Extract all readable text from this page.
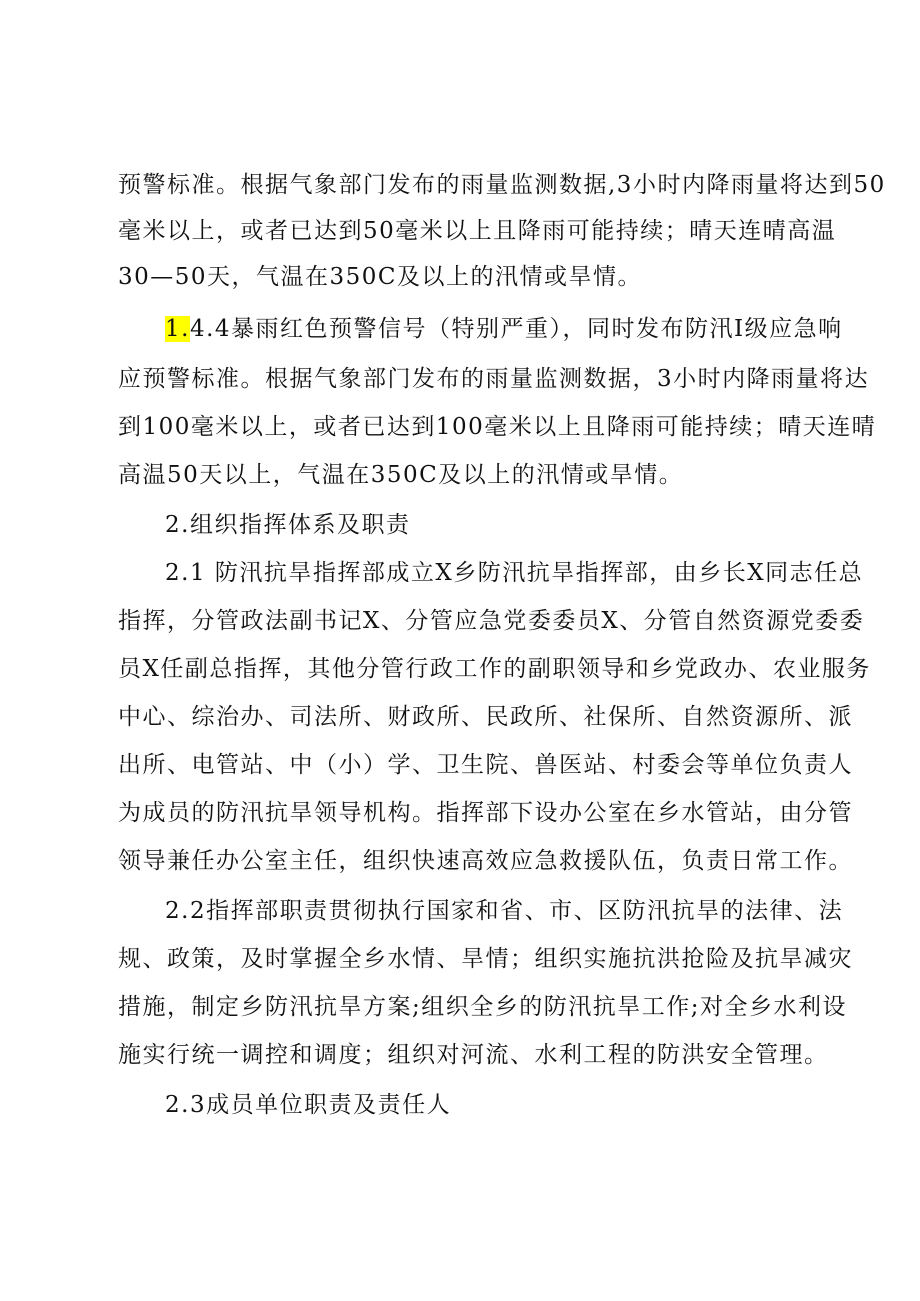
预警标准。根据气象部门发布的雨量监测数据,3小时内降雨量将达到50
毫米以上，或者已达到50毫米以上且降雨可能持续；晴天连晴高温
30—50天，气温在350C及以上的汛情或旱情。
1.4.4暴雨红色预警信号（特别严重），同时发布防汛I级应急响
应预警标准。根据气象部门发布的雨量监测数据，3小时内降雨量将达
到100毫米以上，或者已达到100毫米以上且降雨可能持续；晴天连晴
高温50天以上，气温在350C及以上的汛情或旱情。
2.组织指挥体系及职责
2.1 防汛抗旱指挥部成立X乡防汛抗旱指挥部，由乡长X同志任总
指挥，分管政法副书记X、分管应急党委委员X、分管自然资源党委委
员X任副总指挥，其他分管行政工作的副职领导和乡党政办、农业服务
中心、综治办、司法所、财政所、民政所、社保所、自然资源所、派
出所、电管站、中（小）学、卫生院、兽医站、村委会等单位负责人
为成员的防汛抗旱领导机构。指挥部下设办公室在乡水管站，由分管
领导兼任办公室主任，组织快速高效应急救援队伍，负责日常工作。
2.2指挥部职责贯彻执行国家和省、市、区防汛抗旱的法律、法
规、政策，及时掌握全乡水情、旱情；组织实施抗洪抢险及抗旱减灾
措施，制定乡防汛抗旱方案;组织全乡的防汛抗旱工作;对全乡水利设
施实行统一调控和调度；组织对河流、水利工程的防洪安全管理。
2.3成员单位职责及责任人
